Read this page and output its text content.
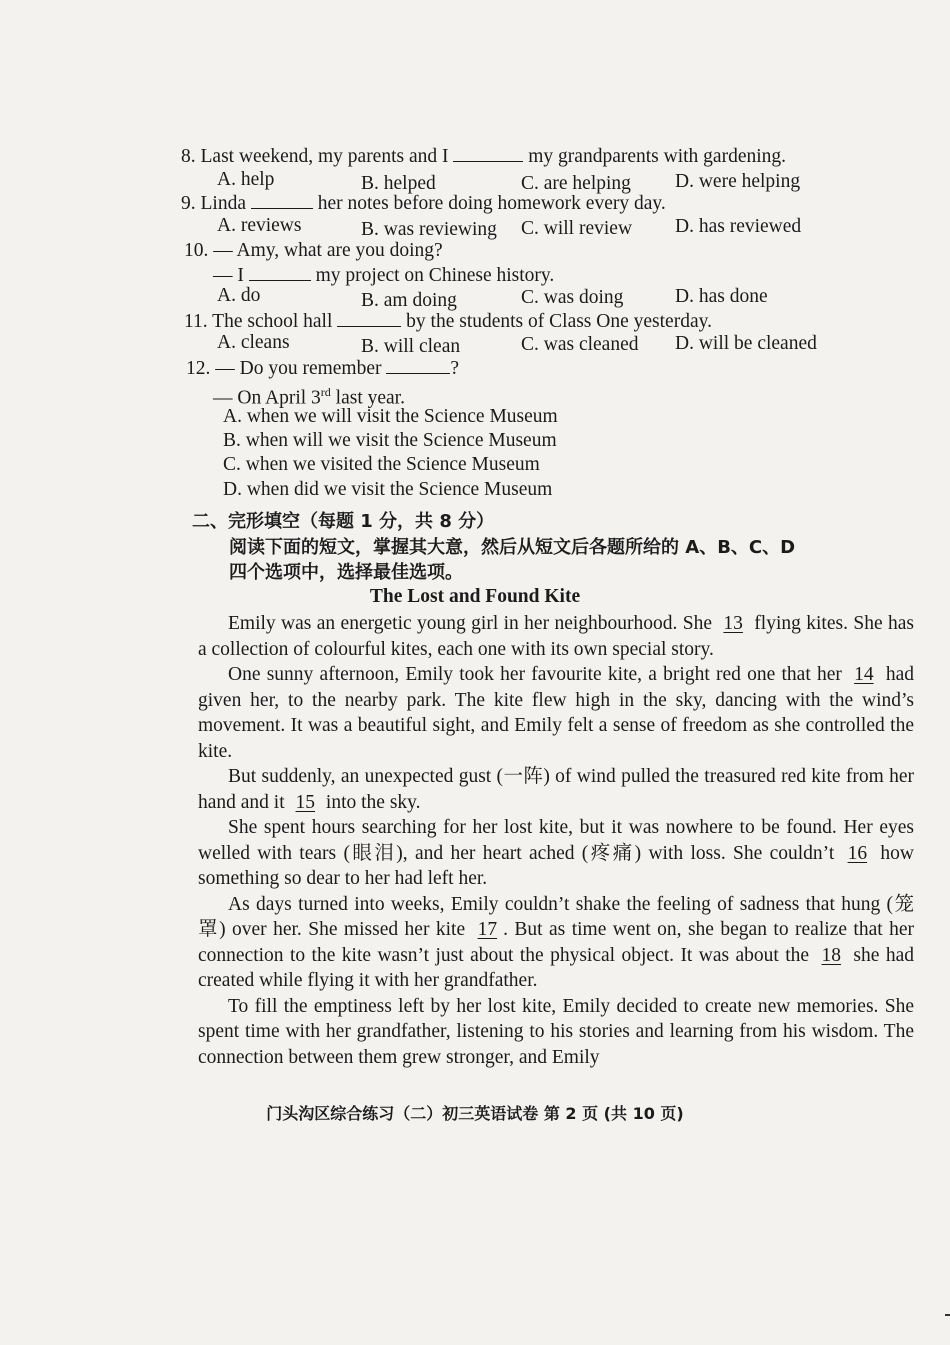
8. Last weekend, my parents and I	my grandparents with gardening.
A. help	B. helped	C. are helping D. were helping
9. Linda	her notes before doing homework every day.
A. reviews	B. was reviewing C. will review D. has reviewed
10. — Amy, what are you doing?
— I	my project on Chinese history.
A. do	B. am doing	C. was doing	D. has done
11. The school hall	by the students of Class One yesterday.
A. cleans	B. will clean	C. was cleaned D. will be cleaned
12. — Do you remember	?
— On April 3rd last year.
A. when we will visit the Science Museum
B. when will we visit the Science Museum
C. when we visited the Science Museum
D. when did we visit the Science Museum
二、完形填空（每题 1 分，共 8 分）
阅读下面的短文，掌握其大意，然后从短文后各题所给的 A、B、C、D
四个选项中，选择最佳选项。
The Lost and Found Kite

Emily was an energetic young girl in her neighbourhood. She 13 flying kites. She has a collection of colourful kites, each one with its own special story.

One sunny afternoon, Emily took her favourite kite, a bright red one that her 14 had given her, to the nearby park. The kite flew high in the sky, dancing with the wind’s movement. It was a beautiful sight, and Emily felt a sense of freedom as she controlled the kite.

But suddenly, an unexpected gust (一阵) of wind pulled the treasured red kite from her hand and it 15 into the sky.

She spent hours searching for her lost kite, but it was nowhere to be found. Her eyes welled with tears (眼泪), and her heart ached (疼痛) with loss. She couldn’t 16 how something so dear to her had left her.

As days turned into weeks, Emily couldn’t shake the feeling of sadness that hung (笼罩) over her. She missed her kite 17 . But as time went on, she began to realize that her connection to the kite wasn’t just about the physical object. It was about the 18 she had created while flying it with her grandfather.

To fill the emptiness left by her lost kite, Emily decided to create new memories. She spent time with her grandfather, listening to his stories and learning from his wisdom. The connection between them grew stronger, and Emily

门头沟区综合练习（二）初三英语试卷 第 2 页 (共 10 页)
